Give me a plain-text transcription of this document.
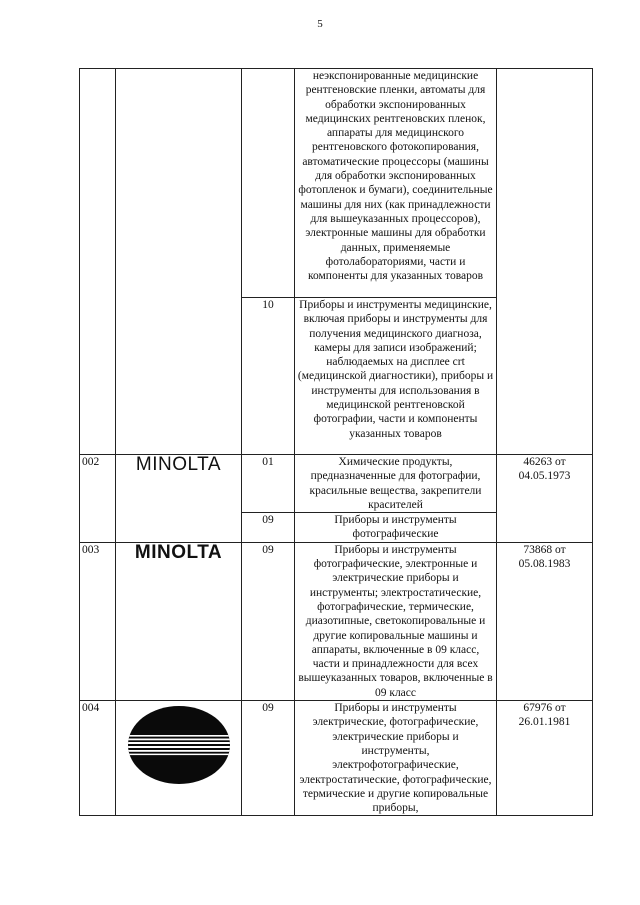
5
			неэкспонированные медицинские рентгеновские пленки, автоматы для обработки экспонированных медицинских рентгеновских пленок, аппараты для медицинского рентгеновского фотокопирования, автоматические процессоры (машины для обработки экспонированных фотопленок и бумаги), соединительные машины для них (как принадлежности для вышеуказанных процессоров), электронные машины для обработки данных, применяемые фотолабораториями, части и компоненты для указанных товаров	
		10	Приборы и инструменты медицинские, включая приборы и инструменты для получения медицинского диагноза, камеры для записи изображений; наблюдаемых на дисплее crt (медицинской диагностики), приборы и инструменты для использования в медицинской рентгеновской фотографии, части и компоненты указанных товаров	
002	MINOLTA	01	Химические продукты, предназначенные для фотографии, красильные вещества, закрепители красителей	46263 от 04.05.1973
		09	Приборы и инструменты фотографические	
003	MINOLTA	09	Приборы и инструменты фотографические, электронные и электрические приборы и инструменты; электростатические, фотографические, термические, диазотипные, светокопировальные и другие копировальные машины и аппараты, включенные в 09 класс, части и принадлежности для всех вышеуказанных товаров, включенные в 09 класс	73868 от 05.08.1983
004		09	Приборы и инструменты электрические, фотографические, электрические приборы и инструменты, электрофотографические, электростатические, фотографические, термические и другие копировальные приборы,	67976 от 26.01.1981
